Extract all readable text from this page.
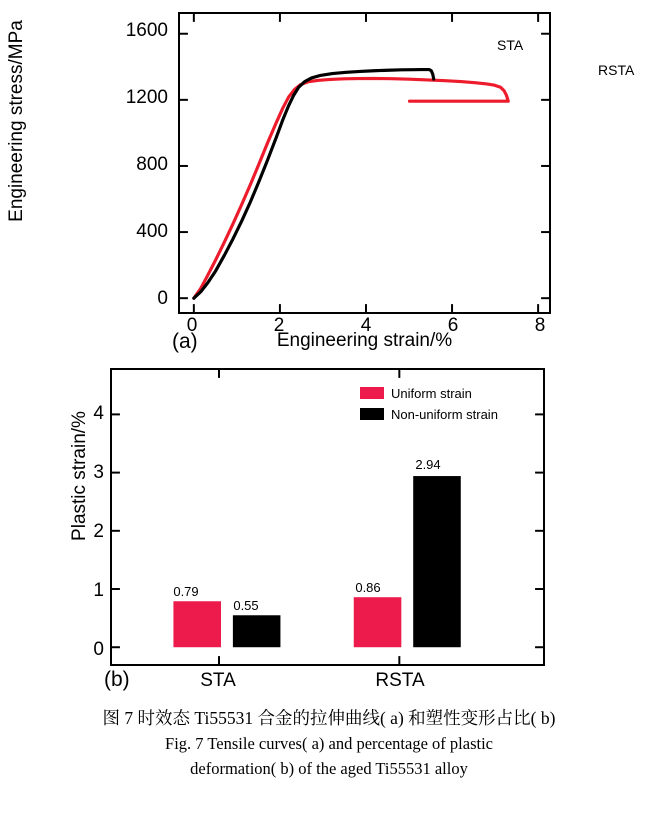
0
400
800
1200
1600
0	2	4	6	8
Engineering stress/MPa
Engineering strain/%
STA
RSTA
(a)
Uniform strain
Non-uniform strain
0.79
0.55
0.86
2.94
0
1
2
3
4
STA	RSTA
Plastic strain/%
(b)
图 7 时效态 Ti55531 合金的拉伸曲线( a) 和塑性变形占比( b)
Fig. 7 Tensile curves( a) and percentage of plastic
deformation( b) of the aged Ti55531 alloy
